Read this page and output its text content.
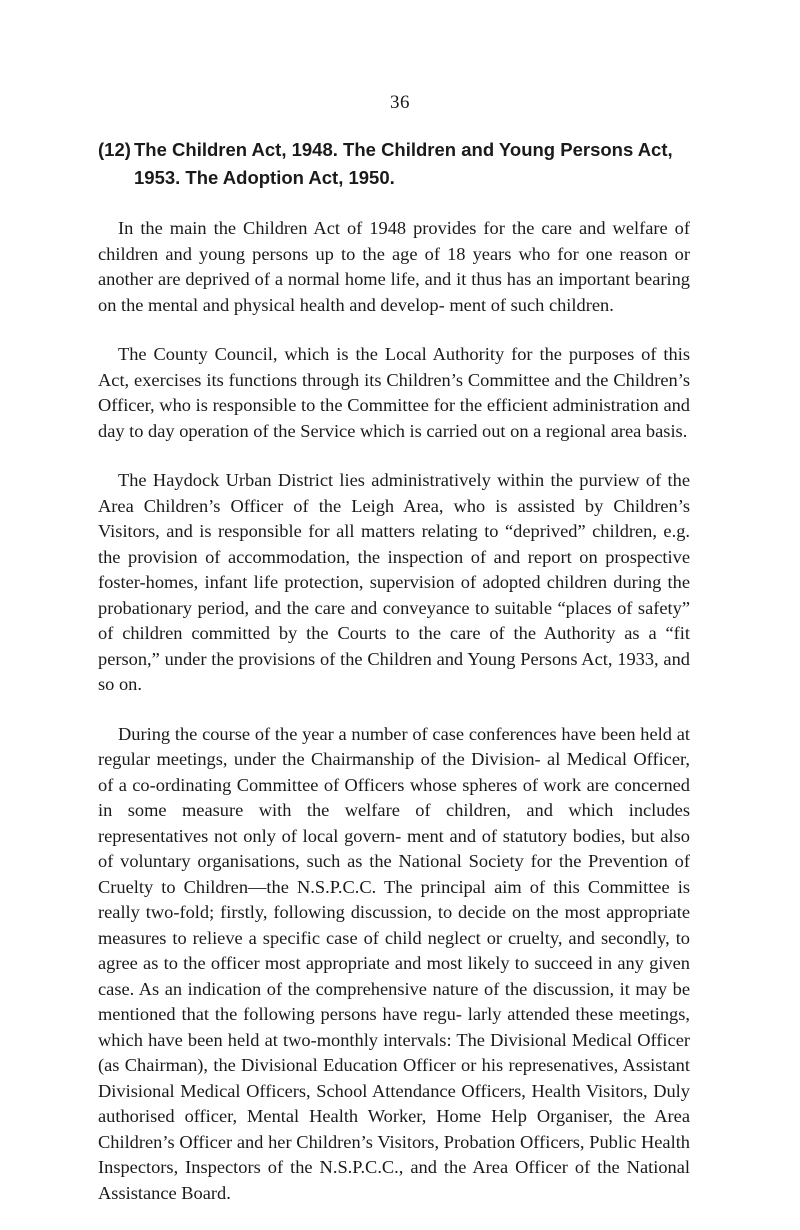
36
(12) The Children Act, 1948. The Children and Young Persons Act, 1953. The Adoption Act, 1950.

In the main the Children Act of 1948 provides for the care and welfare of children and young persons up to the age of 18 years who for one reason or another are deprived of a normal home life, and it thus has an important bearing on the mental and physical health and develop- ment of such children.

The County Council, which is the Local Authority for the purposes of this Act, exercises its functions through its Children’s Committee and the Children’s Officer, who is responsible to the Committee for the efficient administration and day to day operation of the Service which is carried out on a regional area basis.

The Haydock Urban District lies administratively within the purview of the Area Children’s Officer of the Leigh Area, who is assisted by Children’s Visitors, and is responsible for all matters relating to “deprived” children, e.g. the provision of accommodation, the inspection of and report on prospective foster-homes, infant life protection, supervision of adopted children during the probationary period, and the care and conveyance to suitable “places of safety” of children committed by the Courts to the care of the Authority as a “fit person,” under the provisions of the Children and Young Persons Act, 1933, and so on.

During the course of the year a number of case conferences have been held at regular meetings, under the Chairmanship of the Division- al Medical Officer, of a co-ordinating Committee of Officers whose spheres of work are concerned in some measure with the welfare of children, and which includes representatives not only of local govern- ment and of statutory bodies, but also of voluntary organisations, such as the National Society for the Prevention of Cruelty to Children—the N.S.P.C.C. The principal aim of this Committee is really two-fold; firstly, following discussion, to decide on the most appropriate measures to relieve a specific case of child neglect or cruelty, and secondly, to agree as to the officer most appropriate and most likely to succeed in any given case. As an indication of the comprehensive nature of the discussion, it may be mentioned that the following persons have regu- larly attended these meetings, which have been held at two-monthly intervals: The Divisional Medical Officer (as Chairman), the Divisional Education Officer or his represenatives, Assistant Divisional Medical Officers, School Attendance Officers, Health Visitors, Duly authorised officer, Mental Health Worker, Home Help Organiser, the Area Children’s Officer and her Children’s Visitors, Probation Officers, Public Health Inspectors, Inspectors of the N.S.P.C.C., and the Area Officer of the National Assistance Board.
